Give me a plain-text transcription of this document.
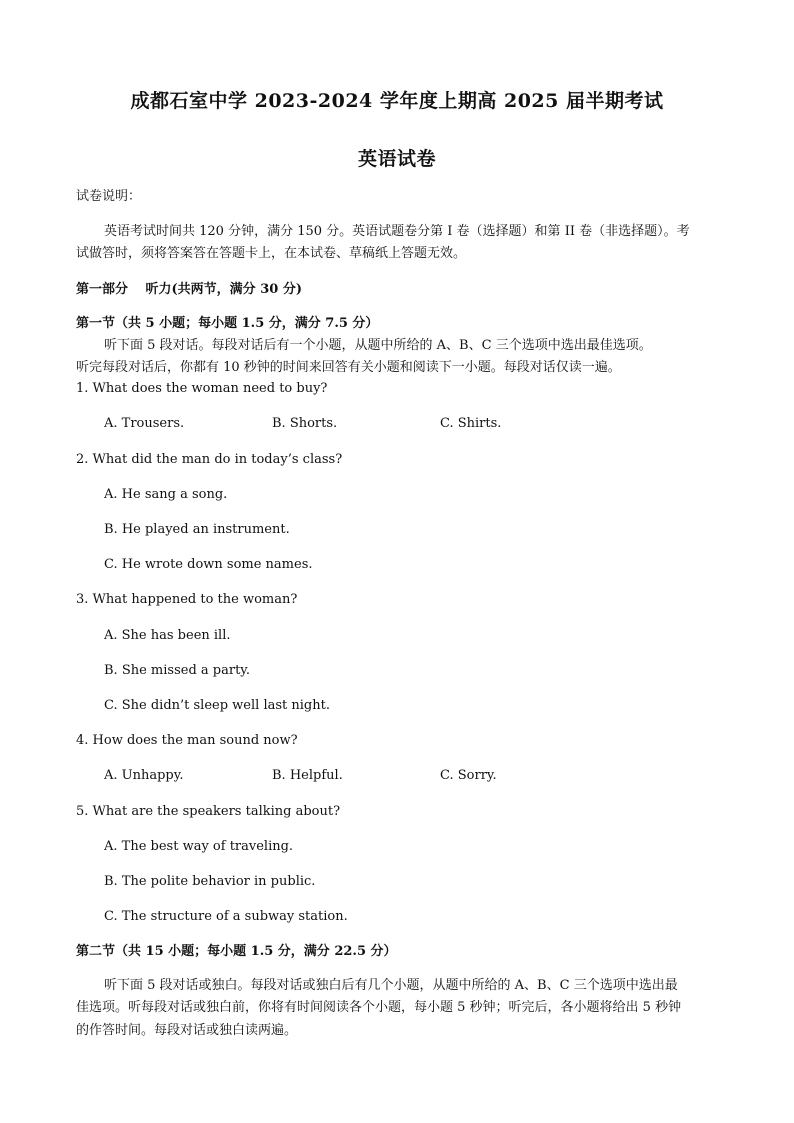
成都石室中学 2023-2024 学年度上期高 2025 届半期考试
英语试卷
试卷说明：
英语考试时间共 120 分钟，满分 150 分。英语试题卷分第 I 卷（选择题）和第 II 卷（非选择题）。考
试做答时，须将答案答在答题卡上，在本试卷、草稿纸上答题无效。
第一部分　 听力(共两节，满分 30 分)
第一节（共 5 小题；每小题 1.5 分，满分 7.5 分）
听下面 5 段对话。每段对话后有一个小题，从题中所给的 A、B、C 三个选项中选出最佳选项。
听完每段对话后，你都有 10 秒钟的时间来回答有关小题和阅读下一小题。每段对话仅读一遍。
1. What does the woman need to buy?
A. Trousers.	B. Shorts.	C. Shirts.
2. What did the man do in today’s class?
A. He sang a song.
B. He played an instrument.
C. He wrote down some names.
3. What happened to the woman?
A. She has been ill.
B. She missed a party.
C. She didn’t sleep well last night.
4. How does the man sound now?
A. Unhappy.	B. Helpful.	C. Sorry.
5. What are the speakers talking about?
A. The best way of traveling.
B. The polite behavior in public.
C. The structure of a subway station.
第二节（共 15 小题；每小题 1.5 分，满分 22.5 分）
听下面 5 段对话或独白。每段对话或独白后有几个小题，从题中所给的 A、B、C 三个选项中选出最
佳选项。听每段对话或独白前，你将有时间阅读各个小题，每小题 5 秒钟；听完后，各小题将给出 5 秒钟
的作答时间。每段对话或独白读两遍。
